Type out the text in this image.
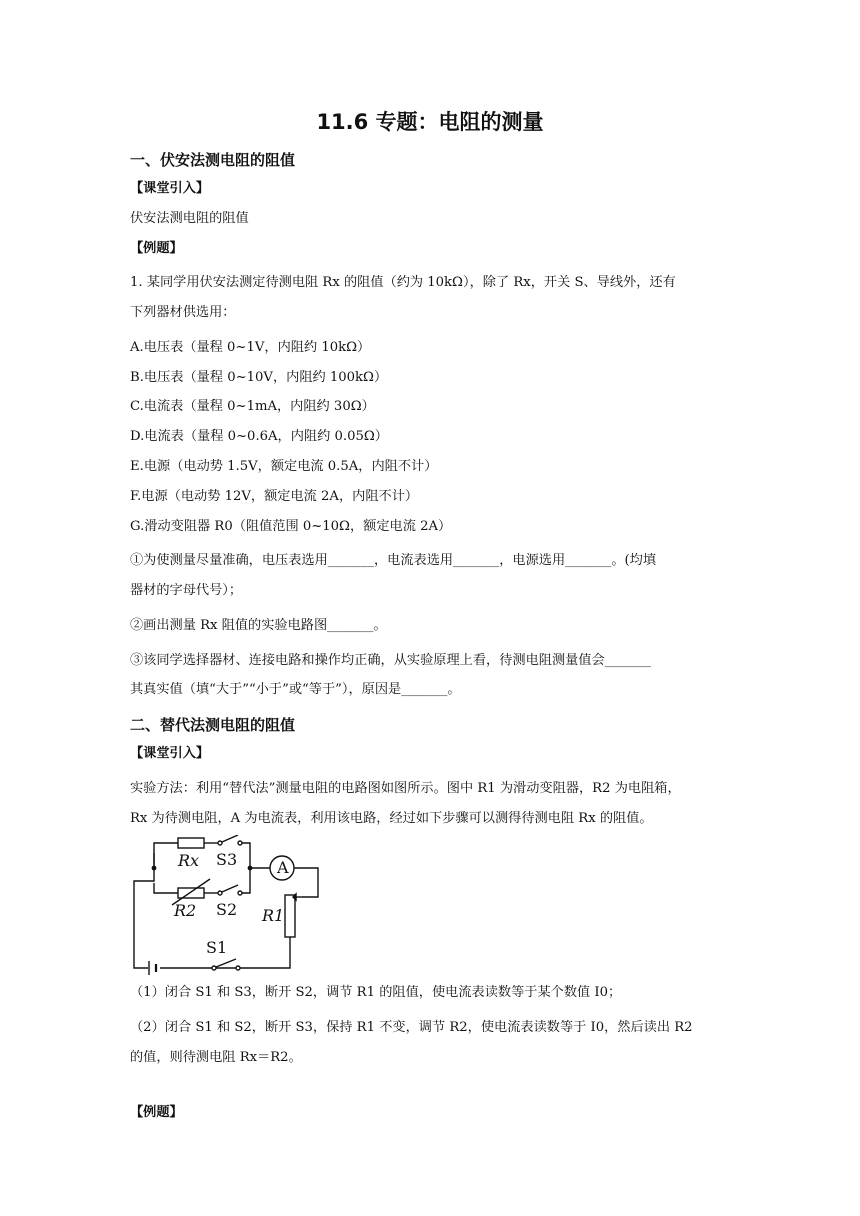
11.6 专题：电阻的测量
一、伏安法测电阻的阻值
【课堂引入】
伏安法测电阻的阻值
【例题】
1. 某同学用伏安法测定待测电阻 Rx 的阻值（约为 10kΩ），除了 Rx，开关 S、导线外，还有
下列器材供选用：
A.电压表（量程 0~1V，内阻约 10kΩ）
B.电压表（量程 0~10V，内阻约 100kΩ）
C.电流表（量程 0~1mA，内阻约 30Ω）
D.电流表（量程 0~0.6A，内阻约 0.05Ω）
E.电源（电动势 1.5V，额定电流 0.5A，内阻不计）
F.电源（电动势 12V，额定电流 2A，内阻不计）
G.滑动变阻器 R0（阻值范围 0~10Ω，额定电流 2A）
①为使测量尽量准确，电压表选用_______，电流表选用_______，电源选用_______。(均填
器材的字母代号）；
②画出测量 Rx 阻值的实验电路图_______。
③该同学选择器材、连接电路和操作均正确，从实验原理上看，待测电阻测量值会_______
其真实值（填“大于”“小于”或“等于”），原因是_______。
二、替代法测电阻的阻值
【课堂引入】
实验方法：利用“替代法”测量电阻的电路图如图所示。图中 R1 为滑动变阻器，R2 为电阻箱，
Rx 为待测电阻，A 为电流表，利用该电路，经过如下步骤可以测得待测电阻 Rx 的阻值。
Rx S3 A
R2 S2 R1
S1
（1）闭合 S1 和 S3，断开 S2，调节 R1 的阻值，使电流表读数等于某个数值 I0；
（2）闭合 S1 和 S2，断开 S3，保持 R1 不变，调节 R2，使电流表读数等于 I0，然后读出 R2
的值，则待测电阻 Rx＝R2。
【例题】
